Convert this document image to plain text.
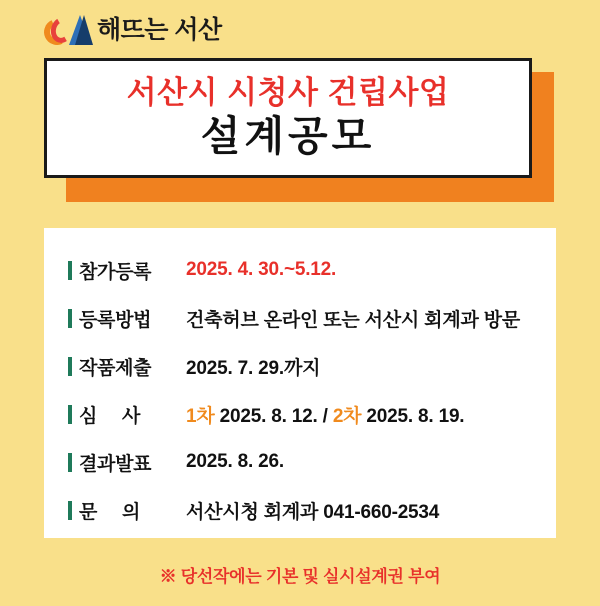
해뜨는 서산
서산시 시청사 건립사업
설계공모
참가등록 2025. 4. 30.~5.12.
등록방법 건축허브 온라인 또는 서산시 회계과 방문
작품제출 2025. 7. 29.까지
심     사 1차 2025. 8. 12. / 2차 2025. 8. 19.
결과발표 2025. 8. 26.
문     의 서산시청 회계과 041-660-2534
※ 당선작에는 기본 및 실시설계권 부여
